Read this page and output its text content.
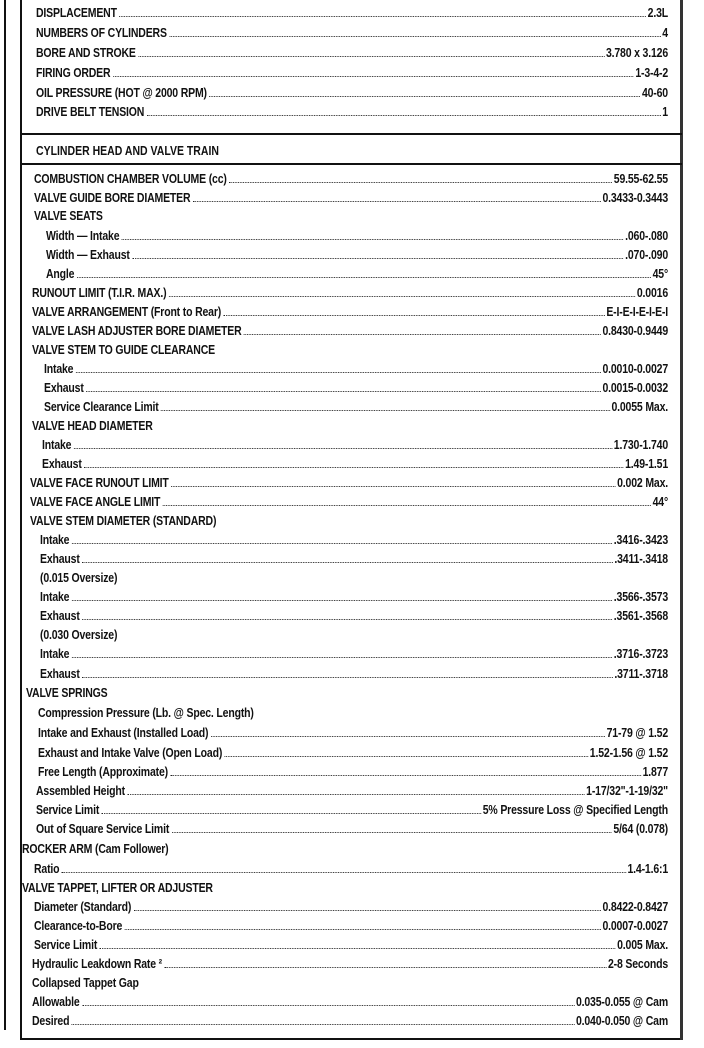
DISPLACEMENT	2.3L
NUMBERS OF CYLINDERS	4
BORE AND STROKE	3.780 x 3.126
FIRING ORDER	1-3-4-2
OIL PRESSURE (HOT @ 2000 RPM)	40-60
DRIVE BELT TENSION	1
CYLINDER HEAD AND VALVE TRAIN
COMBUSTION CHAMBER VOLUME (cc)	59.55-62.55
VALVE GUIDE BORE DIAMETER	0.3433-0.3443
VALVE SEATS
Width — Intake	.060-.080
Width — Exhaust	.070-.090
Angle	45°
RUNOUT LIMIT (T.I.R. MAX.)	0.0016
VALVE ARRANGEMENT (Front to Rear)	E-I-E-I-E-I-E-I
VALVE LASH ADJUSTER BORE DIAMETER	0.8430-0.9449
VALVE STEM TO GUIDE CLEARANCE
Intake	0.0010-0.0027
Exhaust	0.0015-0.0032
Service Clearance Limit	0.0055 Max.
VALVE HEAD DIAMETER
Intake	1.730-1.740
Exhaust	1.49-1.51
VALVE FACE RUNOUT LIMIT	0.002 Max.
VALVE FACE ANGLE LIMIT	44°
VALVE STEM DIAMETER (STANDARD)
Intake	.3416-.3423
Exhaust	.3411-.3418
(0.015 Oversize)
Intake	.3566-.3573
Exhaust	.3561-.3568
(0.030 Oversize)
Intake	.3716-.3723
Exhaust	.3711-.3718
VALVE SPRINGS
Compression Pressure (Lb. @ Spec. Length)
Intake and Exhaust (Installed Load)	71-79 @ 1.52
Exhaust and Intake Valve (Open Load)	1.52-1.56 @ 1.52
Free Length (Approximate)	1.877
Assembled Height	1-17/32"-1-19/32"
Service Limit	5% Pressure Loss @ Specified Length
Out of Square Service Limit	5/64 (0.078)
ROCKER ARM (Cam Follower)
Ratio	1.4-1.6:1
VALVE TAPPET, LIFTER OR ADJUSTER
Diameter (Standard)	0.8422-0.8427
Clearance-to-Bore	0.0007-0.0027
Service Limit	0.005 Max.
Hydraulic Leakdown Rate ²	2-8 Seconds
Collapsed Tappet Gap
Allowable	0.035-0.055 @ Cam
Desired	0.040-0.050 @ Cam
